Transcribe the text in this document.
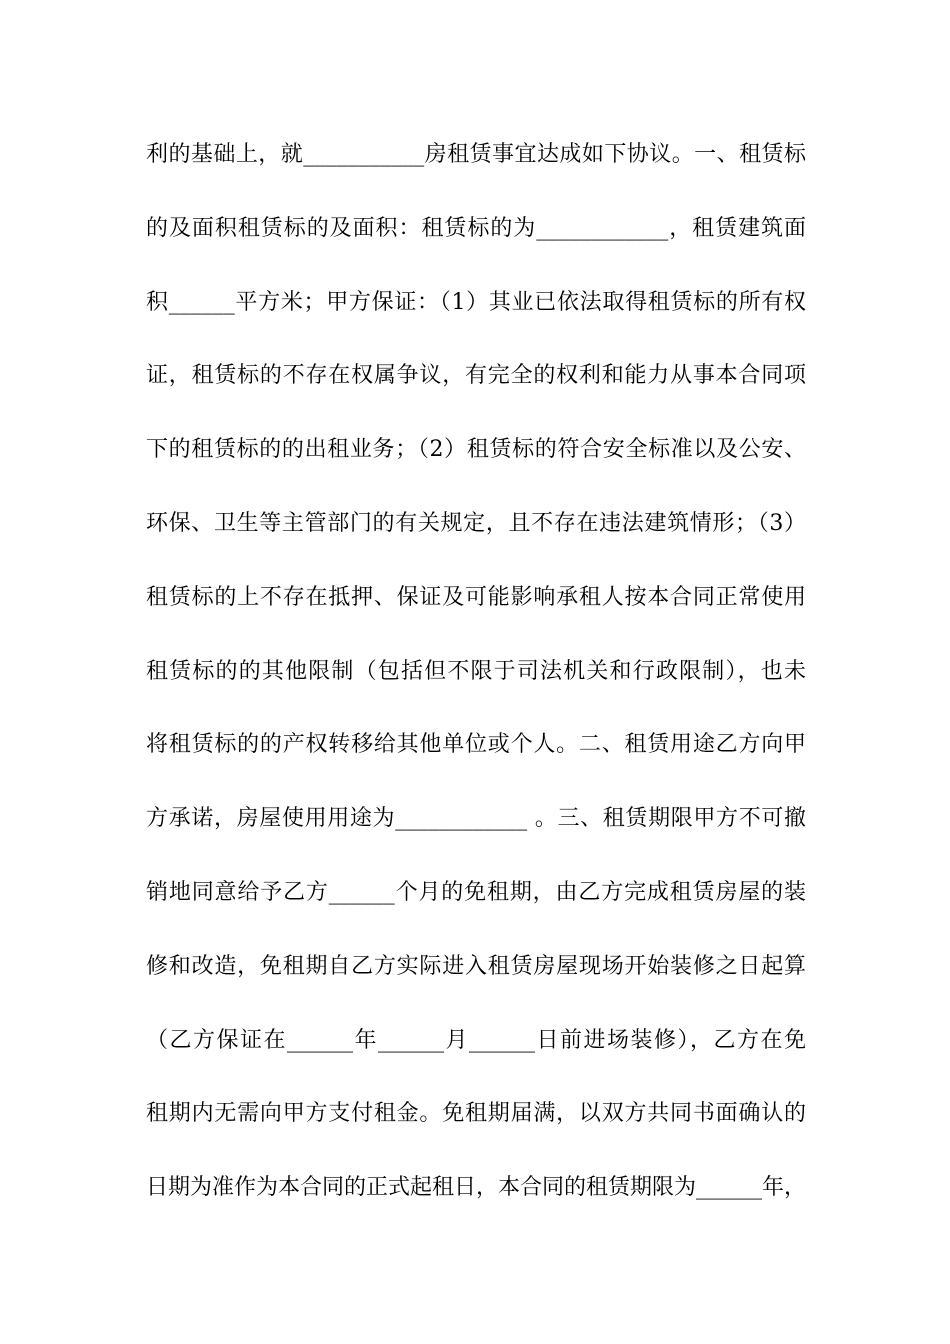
利的基础上，就___________房租赁事宜达成如下协议。一、租赁标
的及面积租赁标的及面积：租赁标的为____________，租赁建筑面
积______平方米；甲方保证：（1）其业已依法取得租赁标的所有权
证，租赁标的不存在权属争议，有完全的权利和能力从事本合同项
下的租赁标的的出租业务；（2）租赁标的符合安全标准以及公安、
环保、卫生等主管部门的有关规定，且不存在违法建筑情形；（3）
租赁标的上不存在抵押、保证及可能影响承租人按本合同正常使用
租赁标的的其他限制（包括但不限于司法机关和行政限制），也未
将租赁标的的产权转移给其他单位或个人。二、租赁用途乙方向甲
方承诺，房屋使用用途为____________ 。三、租赁期限甲方不可撤
销地同意给予乙方______个月的免租期，由乙方完成租赁房屋的装
修和改造，免租期自乙方实际进入租赁房屋现场开始装修之日起算
（乙方保证在______年______月______日前进场装修），乙方在免
租期内无需向甲方支付租金。免租期届满，以双方共同书面确认的
日期为准作为本合同的正式起租日，本合同的租赁期限为______年，
